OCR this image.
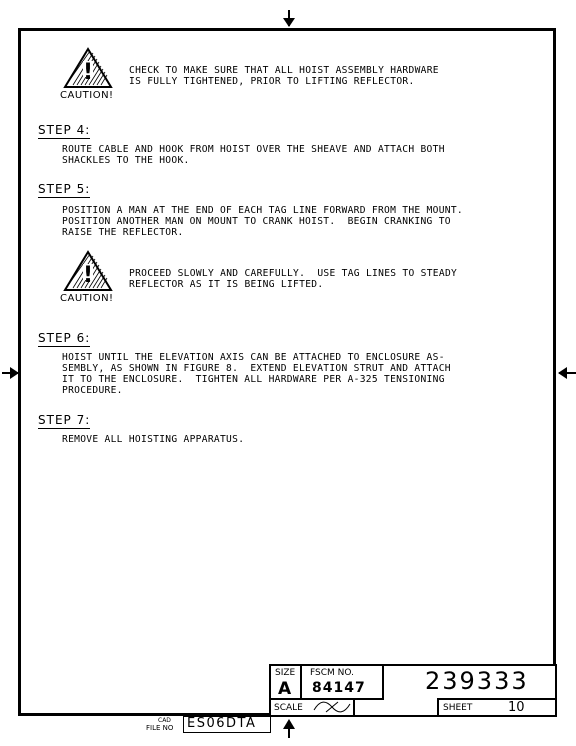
!
CAUTION!
CHECK TO MAKE SURE THAT ALL HOIST ASSEMBLY HARDWARE
IS FULLY TIGHTENED, PRIOR TO LIFTING REFLECTOR.
STEP 4:
ROUTE CABLE AND HOOK FROM HOIST OVER THE SHEAVE AND ATTACH BOTH
SHACKLES TO THE HOOK.
STEP 5:
POSITION A MAN AT THE END OF EACH TAG LINE FORWARD FROM THE MOUNT.
POSITION ANOTHER MAN ON MOUNT TO CRANK HOIST.  BEGIN CRANKING TO
RAISE THE REFLECTOR.
!
CAUTION!
PROCEED SLOWLY AND CAREFULLY.  USE TAG LINES TO STEADY
REFLECTOR AS IT IS BEING LIFTED.
STEP 6:
HOIST UNTIL THE ELEVATION AXIS CAN BE ATTACHED TO ENCLOSURE AS-
SEMBLY, AS SHOWN IN FIGURE 8.  EXTEND ELEVATION STRUT AND ATTACH
IT TO THE ENCLOSURE.  TIGHTEN ALL HARDWARE PER A-325 TENSIONING
PROCEDURE.
STEP 7:
REMOVE ALL HOISTING APPARATUS.
SIZE
A
FSCM NO.
84147 239333
SCALE	SHEET	10
CAD
FILE NO ES06DTA
